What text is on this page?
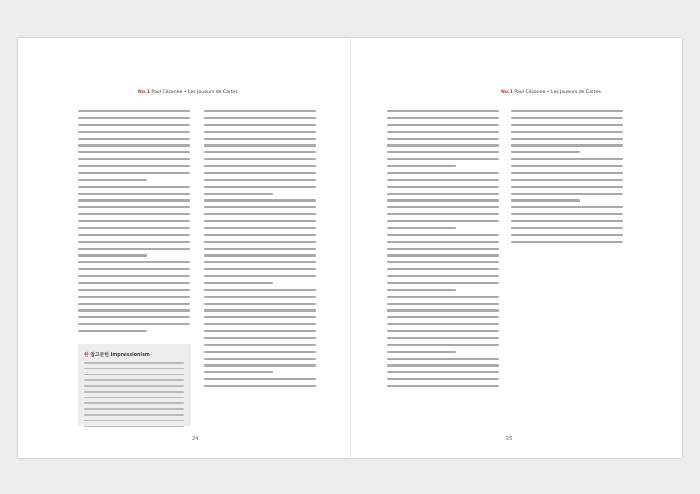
No.1 Paul Cézanne • Les Joueurs de Cartes
한 참고문헌 Impressionism
24
No.1 Paul Cézanne • Les Joueurs de Cartes
25
